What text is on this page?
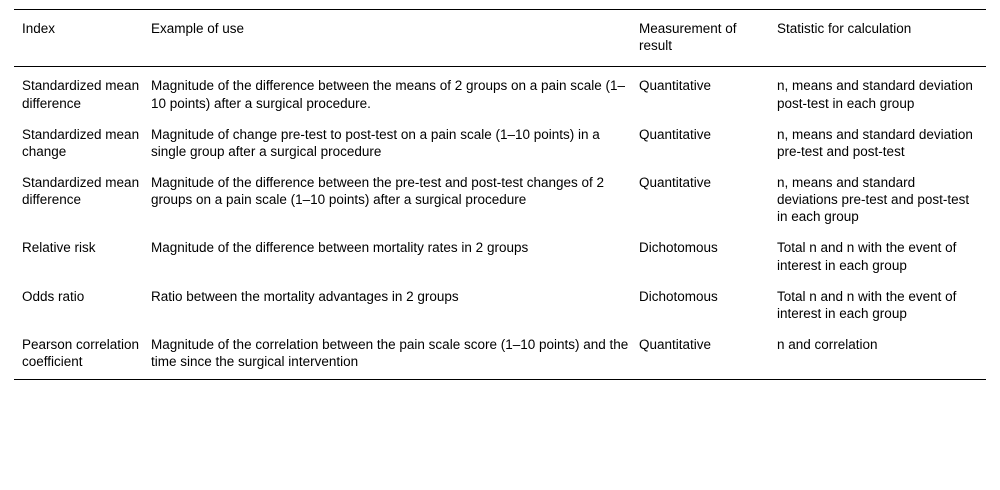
Index	Example of use	Measurement of result	Statistic for calculation
Standardized mean difference	Magnitude of the difference between the means of 2 groups on a pain scale (1–10 points) after a surgical procedure.	Quantitative	n, means and standard deviation post-test in each group
Standardized mean change	Magnitude of change pre-test to post-test on a pain scale (1–10 points) in a single group after a surgical procedure	Quantitative	n, means and standard deviation pre-test and post-test
Standardized mean difference	Magnitude of the difference between the pre-test and post-test changes of 2 groups on a pain scale (1–10 points) after a surgical procedure	Quantitative	n, means and standard deviations pre-test and post-test in each group
Relative risk	Magnitude of the difference between mortality rates in 2 groups	Dichotomous	Total n and n with the event of interest in each group
Odds ratio	Ratio between the mortality advantages in 2 groups	Dichotomous	Total n and n with the event of interest in each group
Pearson correlation coefficient	Magnitude of the correlation between the pain scale score (1–10 points) and the time since the surgical intervention	Quantitative	n and correlation
